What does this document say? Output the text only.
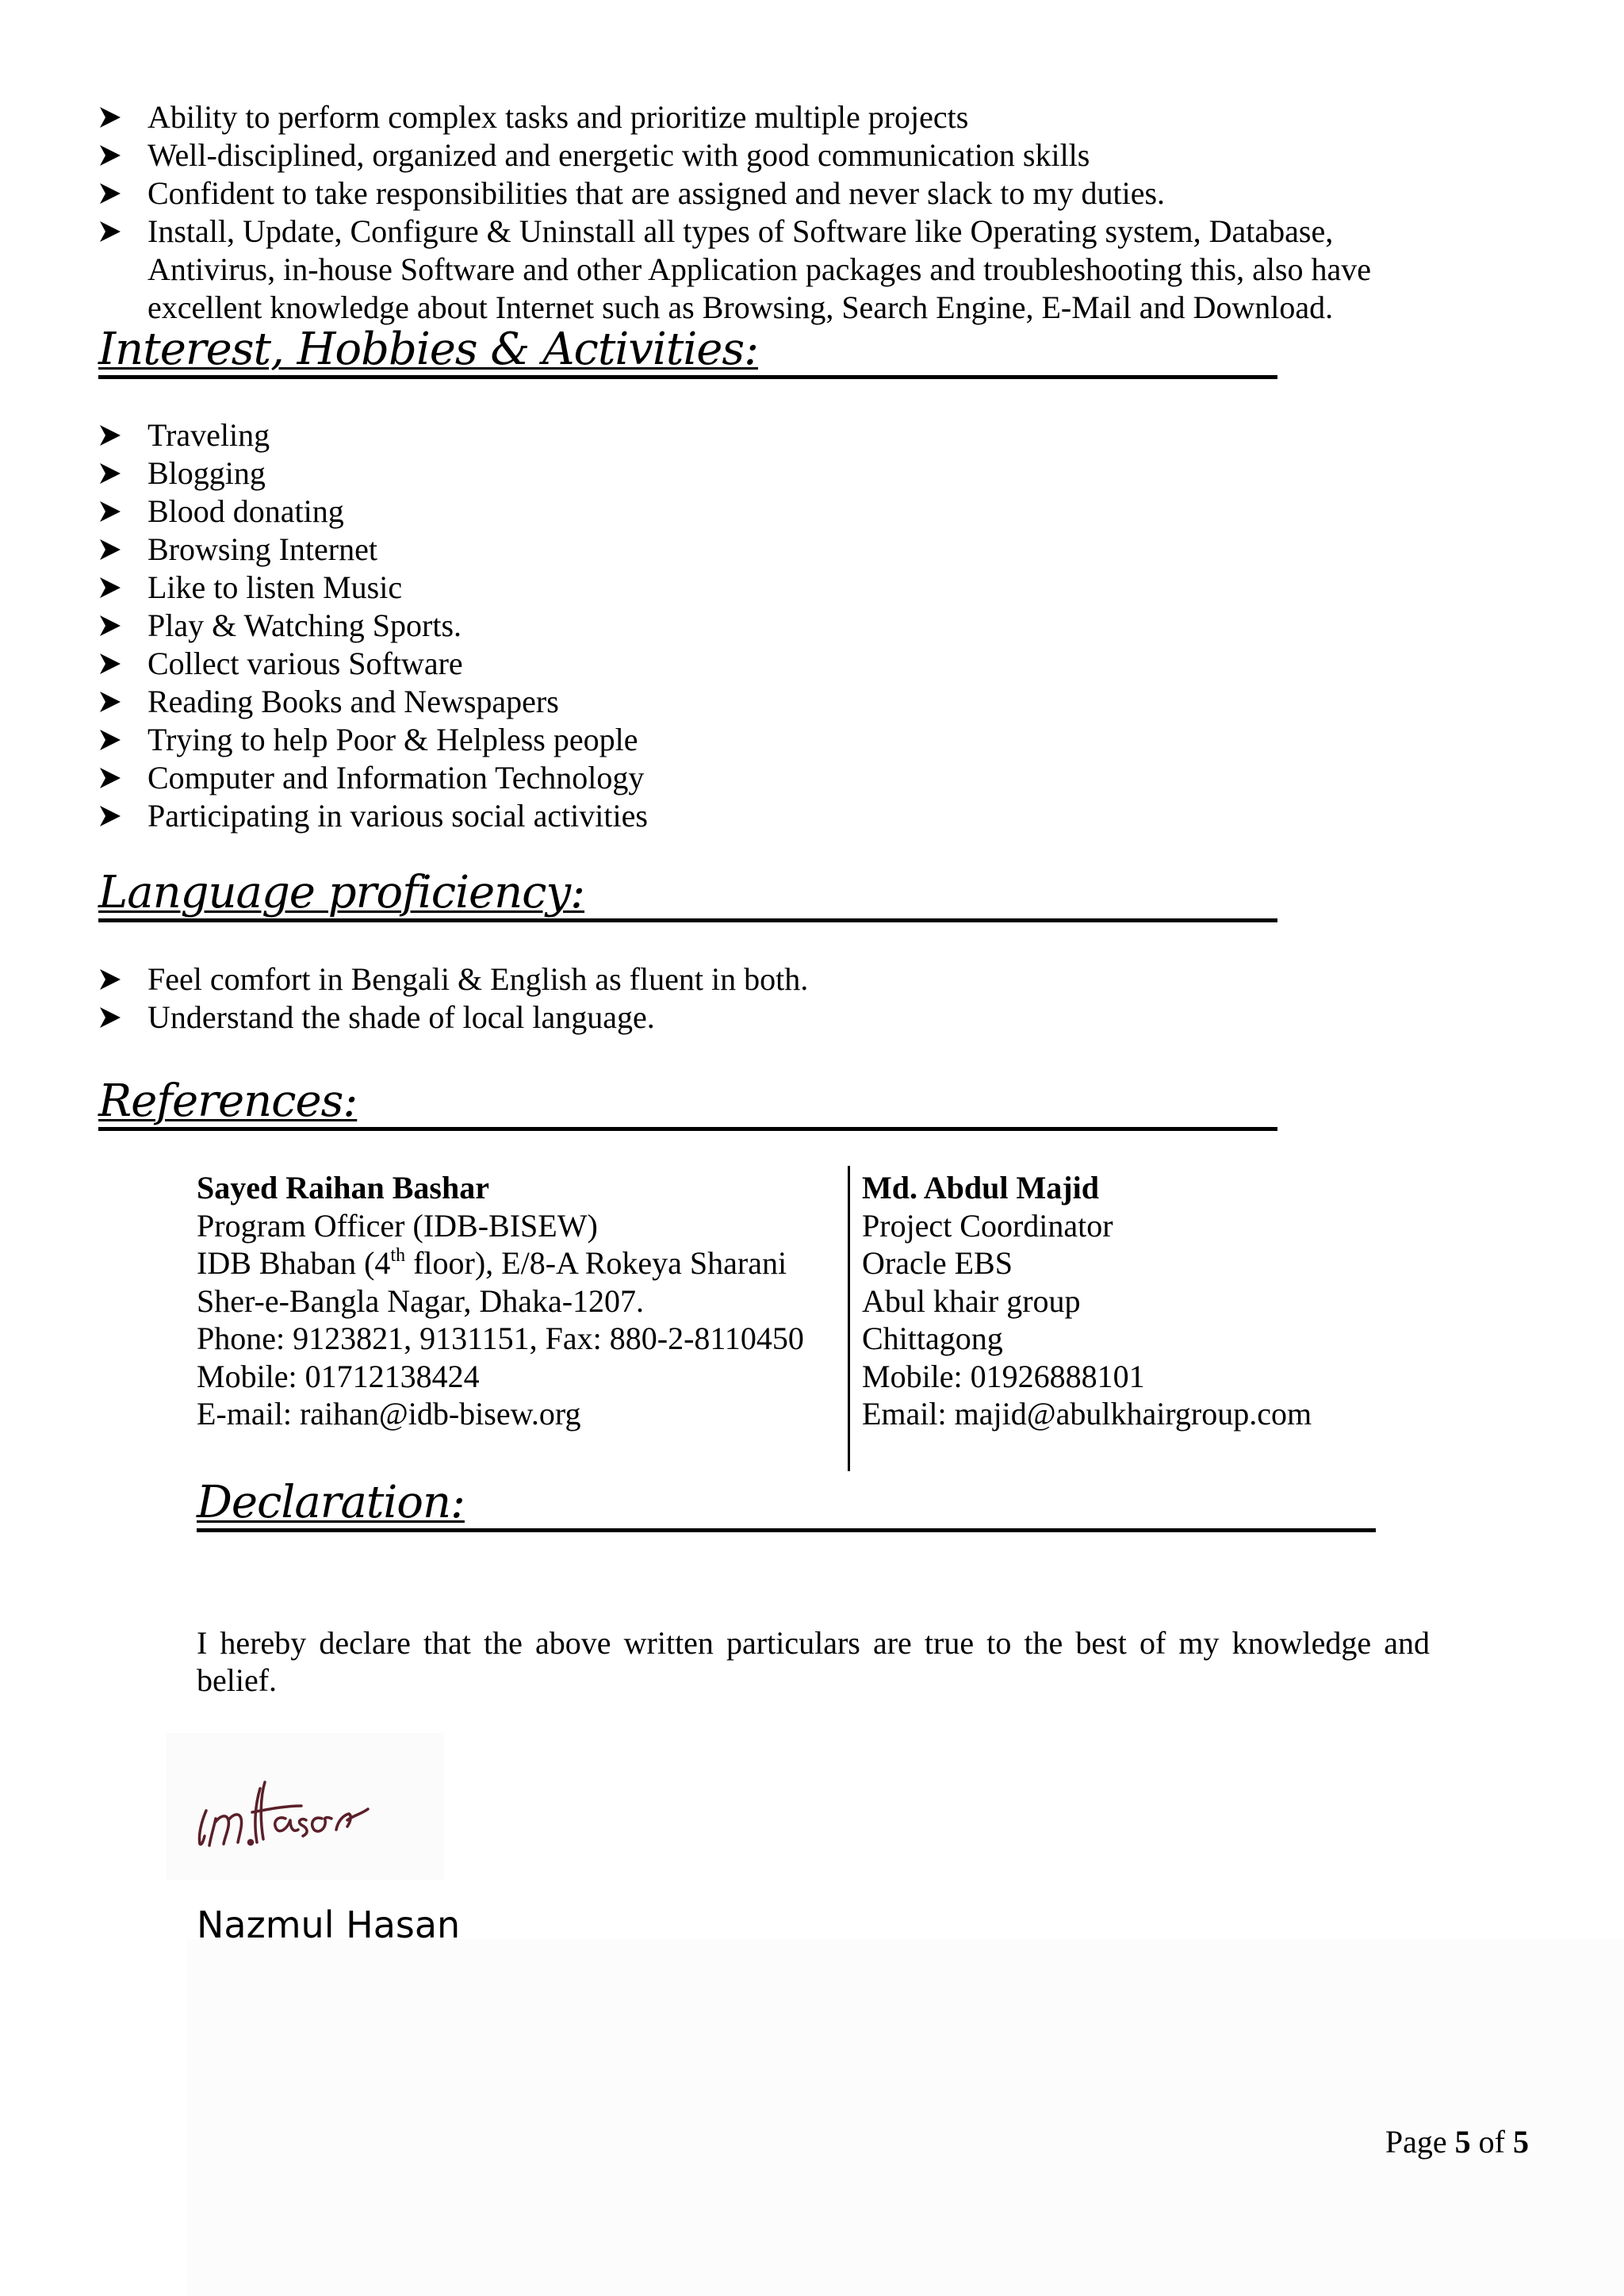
Ability to perform complex tasks and prioritize multiple projects
Well-disciplined, organized and energetic with good communication skills
Confident to take responsibilities that are assigned and never slack to my duties.
Install, Update, Configure & Uninstall all types of Software like Operating system, Database,
Antivirus, in-house Software and other Application packages and troubleshooting this, also have
excellent knowledge about Internet such as Browsing, Search Engine, E-Mail and Download.
Interest, Hobbies & Activities:
Traveling
Blogging
Blood donating
Browsing Internet
Like to listen Music
Play & Watching Sports.
Collect various Software
Reading Books and Newspapers
Trying to help Poor & Helpless people
Computer and Information Technology
Participating in various social activities
Language proficiency:
Feel comfort in Bengali & English as fluent in both.
Understand the shade of local language.
References:
Sayed Raihan Bashar
Program Officer (IDB-BISEW)
IDB Bhaban (4th floor), E/8-A Rokeya Sharani
Sher-e-Bangla Nagar, Dhaka-1207.
Phone: 9123821, 9131151, Fax: 880-2-8110450
Mobile: 01712138424
E-mail: raihan@idb-bisew.org
Md. Abdul Majid
Project Coordinator
Oracle EBS
Abul khair group
Chittagong
Mobile: 01926888101
Email: majid@abulkhairgroup.com
Declaration:
I hereby declare that the above written particulars are true to the best of my knowledge and belief.
Nazmul Hasan
Page 5 of 5
